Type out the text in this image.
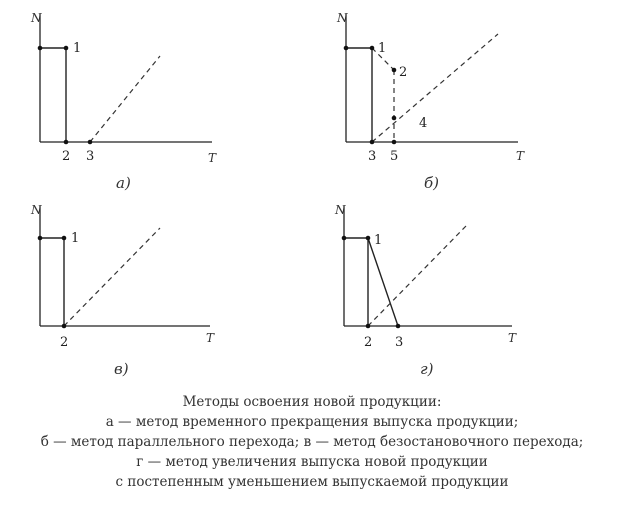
N
T
1
2 3
а)
N
T
1
2
3
4
5
б)
N
T
1
2
в)
N
T
1
2 3
г)
Методы освоения новой продукции:
а — метод временного прекращения выпуска продукции;
б — метод параллельного перехода; в — метод безостановочного перехода;
г — метод увеличения выпуска новой продукции
с постепенным уменьшением выпускаемой продукции
